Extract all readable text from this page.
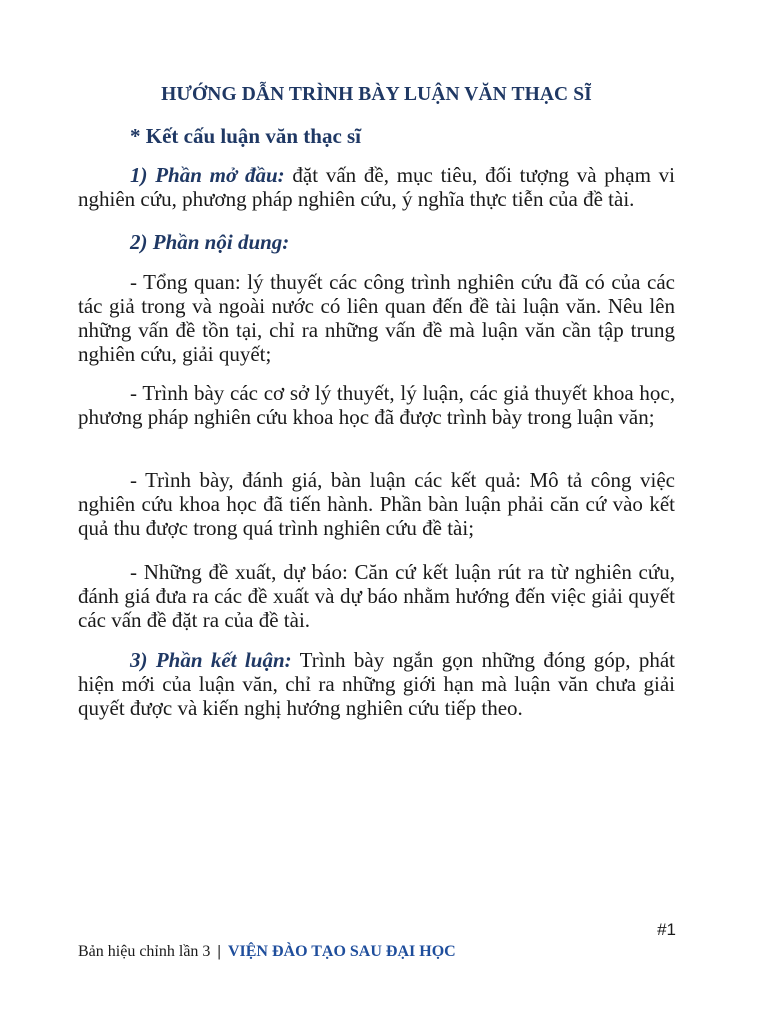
HƯỚNG DẪN TRÌNH BÀY LUẬN VĂN THẠC SĨ
* Kết cấu luận văn thạc sĩ

1) Phần mở đầu: đặt vấn đề, mục tiêu, đối tượng và phạm vi nghiên cứu, phương pháp nghiên cứu, ý nghĩa thực tiễn của đề tài.

2) Phần nội dung:

- Tổng quan: lý thuyết các công trình nghiên cứu đã có của các tác giả trong và ngoài nước có liên quan đến đề tài luận văn. Nêu lên những vấn đề tồn tại, chỉ ra những vấn đề mà luận văn cần tập trung nghiên cứu, giải quyết;

- Trình bày các cơ sở lý thuyết, lý luận, các giả thuyết khoa học, phương pháp nghiên cứu khoa học đã được trình bày trong luận văn;

- Trình bày, đánh giá, bàn luận các kết quả: Mô tả công việc nghiên cứu khoa học đã tiến hành. Phần bàn luận phải căn cứ vào kết quả thu được trong quá trình nghiên cứu đề tài;

- Những đề xuất, dự báo: Căn cứ kết luận rút ra từ nghiên cứu, đánh giá đưa ra các đề xuất và dự báo nhằm hướng đến việc giải quyết các vấn đề đặt ra của đề tài.

3) Phần kết luận: Trình bày ngắn gọn những đóng góp, phát hiện mới của luận văn, chỉ ra những giới hạn mà luận văn chưa giải quyết được và kiến nghị hướng nghiên cứu tiếp theo.

#1
Bản hiệu chỉnh lần 3 | VIỆN ĐÀO TẠO SAU ĐẠI HỌC
